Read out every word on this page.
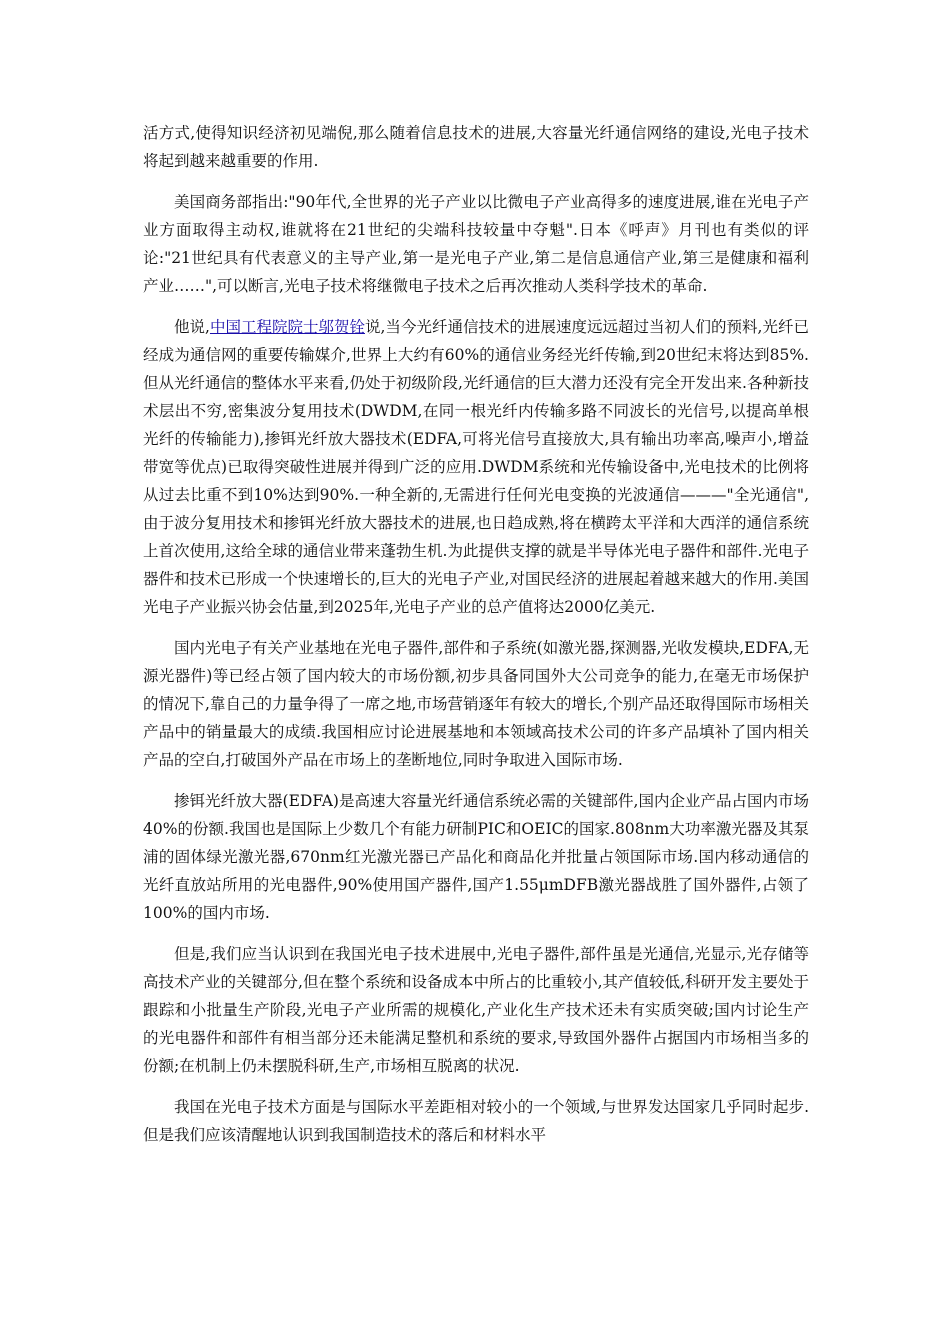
活方式,使得知识经济初见端倪,那么随着信息技术的进展,大容量光纤通信网络的建设,光电子技术将起到越来越重要的作用.

美国商务部指出:"90年代,全世界的光子产业以比微电子产业高得多的速度进展,谁在光电子产业方面取得主动权,谁就将在21世纪的尖端科技较量中夺魁".日本《呼声》月刊也有类似的评论:"21世纪具有代表意义的主导产业,第一是光电子产业,第二是信息通信产业,第三是健康和福利产业……",可以断言,光电子技术将继微电子技术之后再次推动人类科学技术的革命.

他说,中国工程院院士邬贺铨说,当今光纤通信技术的进展速度远远超过当初人们的预料,光纤已经成为通信网的重要传输媒介,世界上大约有60%的通信业务经光纤传输,到20世纪末将达到85%.但从光纤通信的整体水平来看,仍处于初级阶段,光纤通信的巨大潜力还没有完全开发出来.各种新技术层出不穷,密集波分复用技术(DWDM,在同一根光纤内传输多路不同波长的光信号,以提高单根光纤的传输能力),掺铒光纤放大器技术(EDFA,可将光信号直接放大,具有输出功率高,噪声小,增益带宽等优点)已取得突破性进展并得到广泛的应用.DWDM系统和光传输设备中,光电技术的比例将从过去比重不到10%达到90%.一种全新的,无需进行任何光电变换的光波通信———"全光通信",由于波分复用技术和掺铒光纤放大器技术的进展,也日趋成熟,将在横跨太平洋和大西洋的通信系统上首次使用,这给全球的通信业带来蓬勃生机.为此提供支撑的就是半导体光电子器件和部件.光电子器件和技术已形成一个快速增长的,巨大的光电子产业,对国民经济的进展起着越来越大的作用.美国光电子产业振兴协会估量,到2025年,光电子产业的总产值将达2000亿美元.

国内光电子有关产业基地在光电子器件,部件和子系统(如激光器,探测器,光收发模块,EDFA,无源光器件)等已经占领了国内较大的市场份额,初步具备同国外大公司竞争的能力,在毫无市场保护的情况下,靠自己的力量争得了一席之地,市场营销逐年有较大的增长,个别产品还取得国际市场相关产品中的销量最大的成绩.我国相应讨论进展基地和本领域高技术公司的许多产品填补了国内相关产品的空白,打破国外产品在市场上的垄断地位,同时争取进入国际市场.

掺铒光纤放大器(EDFA)是高速大容量光纤通信系统必需的关键部件,国内企业产品占国内市场40%的份额.我国也是国际上少数几个有能力研制PIC和OEIC的国家.808nm大功率激光器及其泵浦的固体绿光激光器,670nm红光激光器已产品化和商品化并批量占领国际市场.国内移动通信的光纤直放站所用的光电器件,90%使用国产器件,国产1.55μmDFB激光器战胜了国外器件,占领了100%的国内市场.

但是,我们应当认识到在我国光电子技术进展中,光电子器件,部件虽是光通信,光显示,光存储等高技术产业的关键部分,但在整个系统和设备成本中所占的比重较小,其产值较低,科研开发主要处于跟踪和小批量生产阶段,光电子产业所需的规模化,产业化生产技术还未有实质突破;国内讨论生产的光电器件和部件有相当部分还未能满足整机和系统的要求,导致国外器件占据国内市场相当多的份额;在机制上仍未摆脱科研,生产,市场相互脱离的状况.

我国在光电子技术方面是与国际水平差距相对较小的一个领域,与世界发达国家几乎同时起步.但是我们应该清醒地认识到我国制造技术的落后和材料水平
